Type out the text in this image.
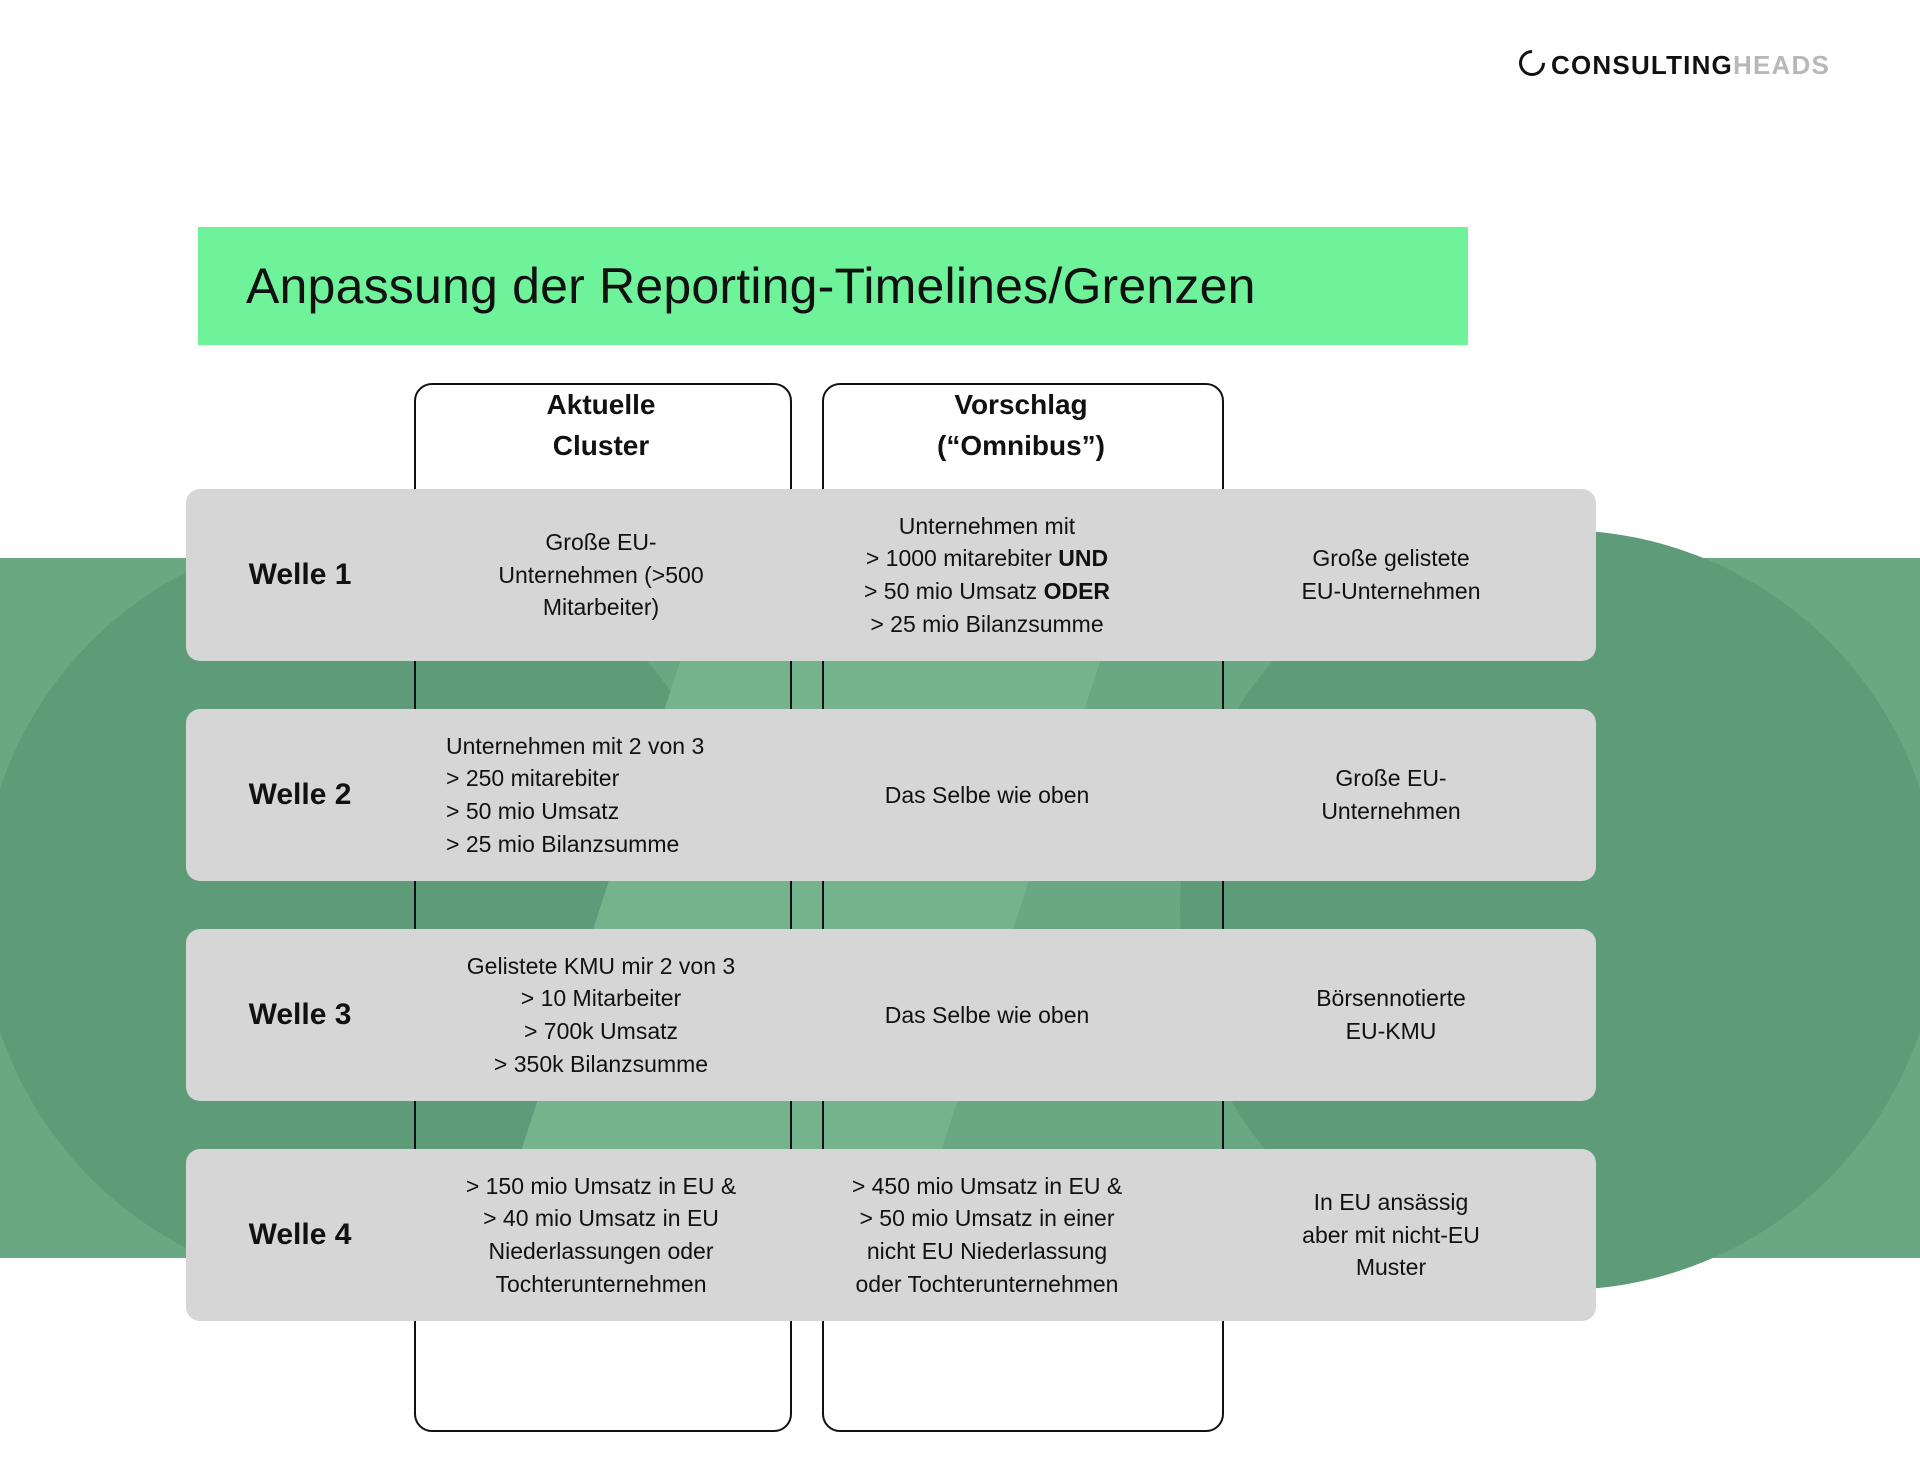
CONSULTING HEADS
Anpassung der Reporting-Timelines/Grenzen
Aktuelle
Cluster
Vorschlag
(“Omnibus”)
Welle 1
Große EU-
Unternehmen (>500
Mitarbeiter)
Unternehmen mit
> 1000 mitarebiter UND
> 50 mio Umsatz ODER
> 25 mio Bilanzsumme
Große gelistete
EU-Unternehmen
Welle 2
Unternehmen mit 2 von 3
> 250 mitarebiter
> 50 mio Umsatz
> 25 mio Bilanzsumme
Das Selbe wie oben
Große EU-
Unternehmen
Welle 3
Gelistete KMU mir 2 von 3
> 10 Mitarbeiter
> 700k Umsatz
> 350k Bilanzsumme
Das Selbe wie oben
Börsennotierte
EU-KMU
Welle 4
> 150 mio Umsatz in EU &
> 40 mio Umsatz in EU
Niederlassungen oder
Tochterunternehmen
> 450 mio Umsatz in EU &
> 50 mio Umsatz in einer
nicht EU Niederlassung
oder Tochterunternehmen
In EU ansässig
aber mit nicht-EU
Muster
